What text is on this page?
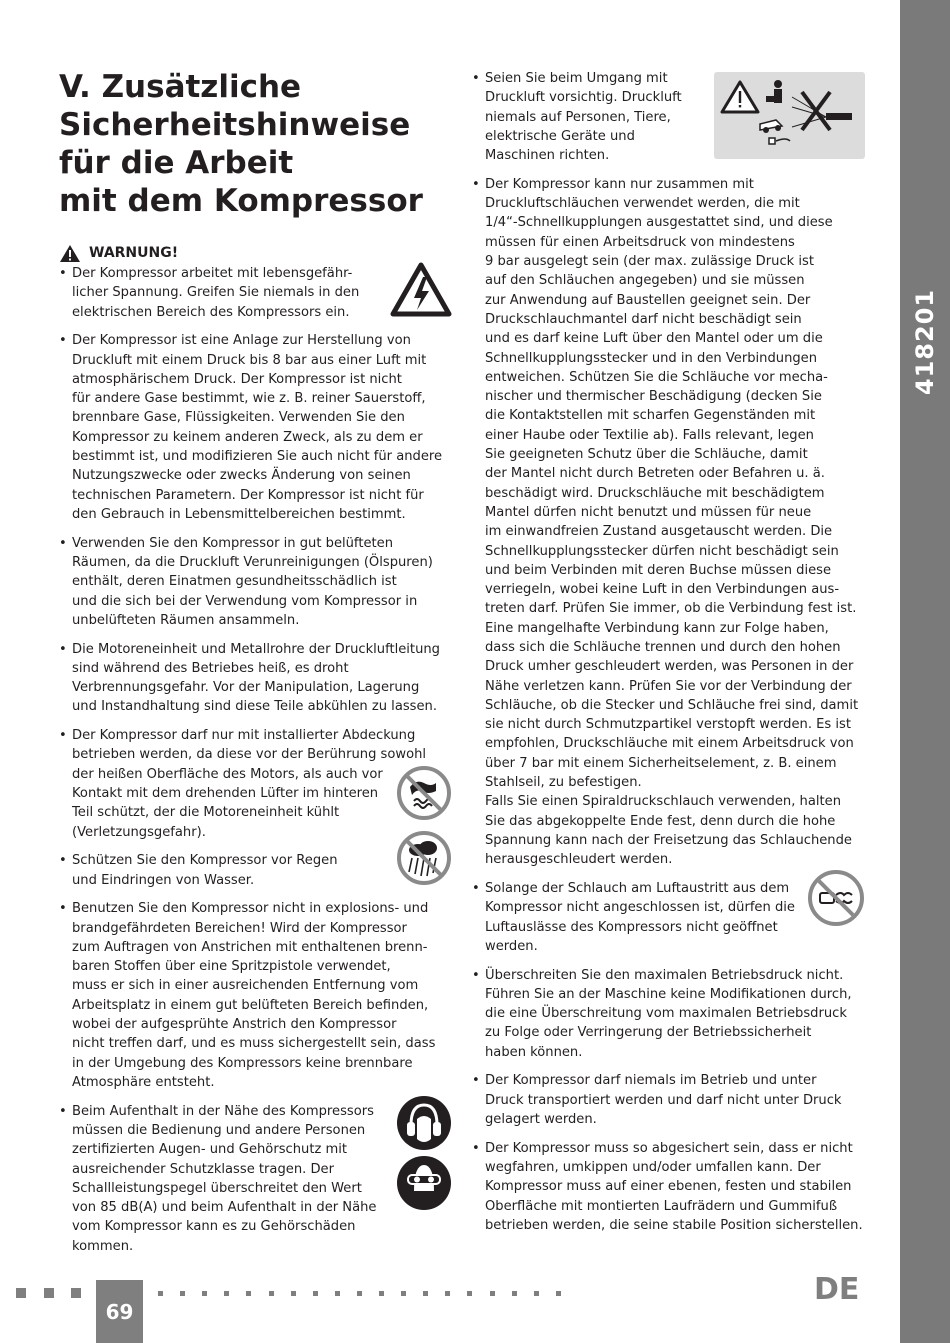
418201
V. Zusätzliche
Sicherheitshinweise
für die Arbeit
mit dem Kompressor
WARNUNG!
• Der Kompressor arbeitet mit lebensgefähr-
licher Spannung. Greifen Sie niemals in den
elektrischen Bereich des Kompressors ein.
• Der Kompressor ist eine Anlage zur Herstellung von
Druckluft mit einem Druck bis 8 bar aus einer Luft mit
atmosphärischem Druck. Der Kompressor ist nicht
für andere Gase bestimmt, wie z. B. reiner Sauerstoff,
brennbare Gase, Flüssigkeiten. Verwenden Sie den
Kompressor zu keinem anderen Zweck, als zu dem er
bestimmt ist, und modifizieren Sie auch nicht für andere
Nutzungszwecke oder zwecks Änderung von seinen
technischen Parametern. Der Kompressor ist nicht für
den Gebrauch in Lebensmittelbereichen bestimmt.
• Verwenden Sie den Kompressor in gut belüfteten
Räumen, da die Druckluft Verunreinigungen (Ölspuren)
enthält, deren Einatmen gesundheitsschädlich ist
und die sich bei der Verwendung vom Kompressor in
unbelüfteten Räumen ansammeln.
• Die Motoreneinheit und Metallrohre der Druckluftleitung
sind während des Betriebes heiß, es droht
Verbrennungsgefahr. Vor der Manipulation, Lagerung
und Instandhaltung sind diese Teile abkühlen zu lassen.
• Der Kompressor darf nur mit installierter Abdeckung
betrieben werden, da diese vor der Berührung sowohl
der heißen Oberfläche des Motors, als auch vor
Kontakt mit dem drehenden Lüfter im hinteren
Teil schützt, der die Motoreneinheit kühlt
(Verletzungsgefahr).
• Schützen Sie den Kompressor vor Regen
und Eindringen von Wasser.
• Benutzen Sie den Kompressor nicht in explosions- und
brandgefährdeten Bereichen! Wird der Kompressor
zum Auftragen von Anstrichen mit enthaltenen brenn-
baren Stoffen über eine Spritzpistole verwendet,
muss er sich in einer ausreichenden Entfernung vom
Arbeitsplatz in einem gut belüfteten Bereich befinden,
wobei der aufgesprühte Anstrich den Kompressor
nicht treffen darf, und es muss sichergestellt sein, dass
in der Umgebung des Kompressors keine brennbare
Atmosphäre entsteht.
• Beim Aufenthalt in der Nähe des Kompressors
müssen die Bedienung und andere Personen
zertifizierten Augen- und Gehörschutz mit
ausreichender Schutzklasse tragen. Der
Schallleistungspegel überschreitet den Wert
von 85 dB(A) und beim Aufenthalt in der Nähe
vom Kompressor kann es zu Gehörschäden
kommen.
• Seien Sie beim Umgang mit
Druckluft vorsichtig. Druckluft
niemals auf Personen, Tiere,
elektrische Geräte und
Maschinen richten.
• Der Kompressor kann nur zusammen mit
Druckluftschläuchen verwendet werden, die mit
1/4“-Schnellkupplungen ausgestattet sind, und diese
müssen für einen Arbeitsdruck von mindestens
9 bar ausgelegt sein (der max. zulässige Druck ist
auf den Schläuchen angegeben) und sie müssen
zur Anwendung auf Baustellen geeignet sein. Der
Druckschlauchmantel darf nicht beschädigt sein
und es darf keine Luft über den Mantel oder um die
Schnellkupplungsstecker und in den Verbindungen
entweichen. Schützen Sie die Schläuche vor mecha-
nischer und thermischer Beschädigung (decken Sie
die Kontaktstellen mit scharfen Gegenständen mit
einer Haube oder Textilie ab). Falls relevant, legen
Sie geeigneten Schutz über die Schläuche, damit
der Mantel nicht durch Betreten oder Befahren u. ä.
beschädigt wird. Druckschläuche mit beschädigtem
Mantel dürfen nicht benutzt und müssen für neue
im einwandfreien Zustand ausgetauscht werden. Die
Schnellkupplungsstecker dürfen nicht beschädigt sein
und beim Verbinden mit deren Buchse müssen diese
verriegeln, wobei keine Luft in den Verbindungen aus-
treten darf. Prüfen Sie immer, ob die Verbindung fest ist.
Eine mangelhafte Verbindung kann zur Folge haben,
dass sich die Schläuche trennen und durch den hohen
Druck umher geschleudert werden, was Personen in der
Nähe verletzen kann. Prüfen Sie vor der Verbindung der
Schläuche, ob die Stecker und Schläuche frei sind, damit
sie nicht durch Schmutzpartikel verstopft werden. Es ist
empfohlen, Druckschläuche mit einem Arbeitsdruck von
über 7 bar mit einem Sicherheitselement, z. B. einem
Stahlseil, zu befestigen.
Falls Sie einen Spiraldruckschlauch verwenden, halten
Sie das abgekoppelte Ende fest, denn durch die hohe
Spannung kann nach der Freisetzung das Schlauchende
herausgeschleudert werden.
• Solange der Schlauch am Luftaustritt aus dem
Kompressor nicht angeschlossen ist, dürfen die
Luftauslässe des Kompressors nicht geöffnet
werden.
• Überschreiten Sie den maximalen Betriebsdruck nicht.
Führen Sie an der Maschine keine Modifikationen durch,
die eine Überschreitung vom maximalen Betriebsdruck
zu Folge oder Verringerung der Betriebssicherheit
haben können.
• Der Kompressor darf niemals im Betrieb und unter
Druck transportiert werden und darf nicht unter Druck
gelagert werden.
• Der Kompressor muss so abgesichert sein, dass er nicht
wegfahren, umkippen und/oder umfallen kann. Der
Kompressor muss auf einer ebenen, festen und stabilen
Oberfläche mit montierten Laufrädern und Gummifuß
betrieben werden, die seine stabile Position sicherstellen.
69
DE
